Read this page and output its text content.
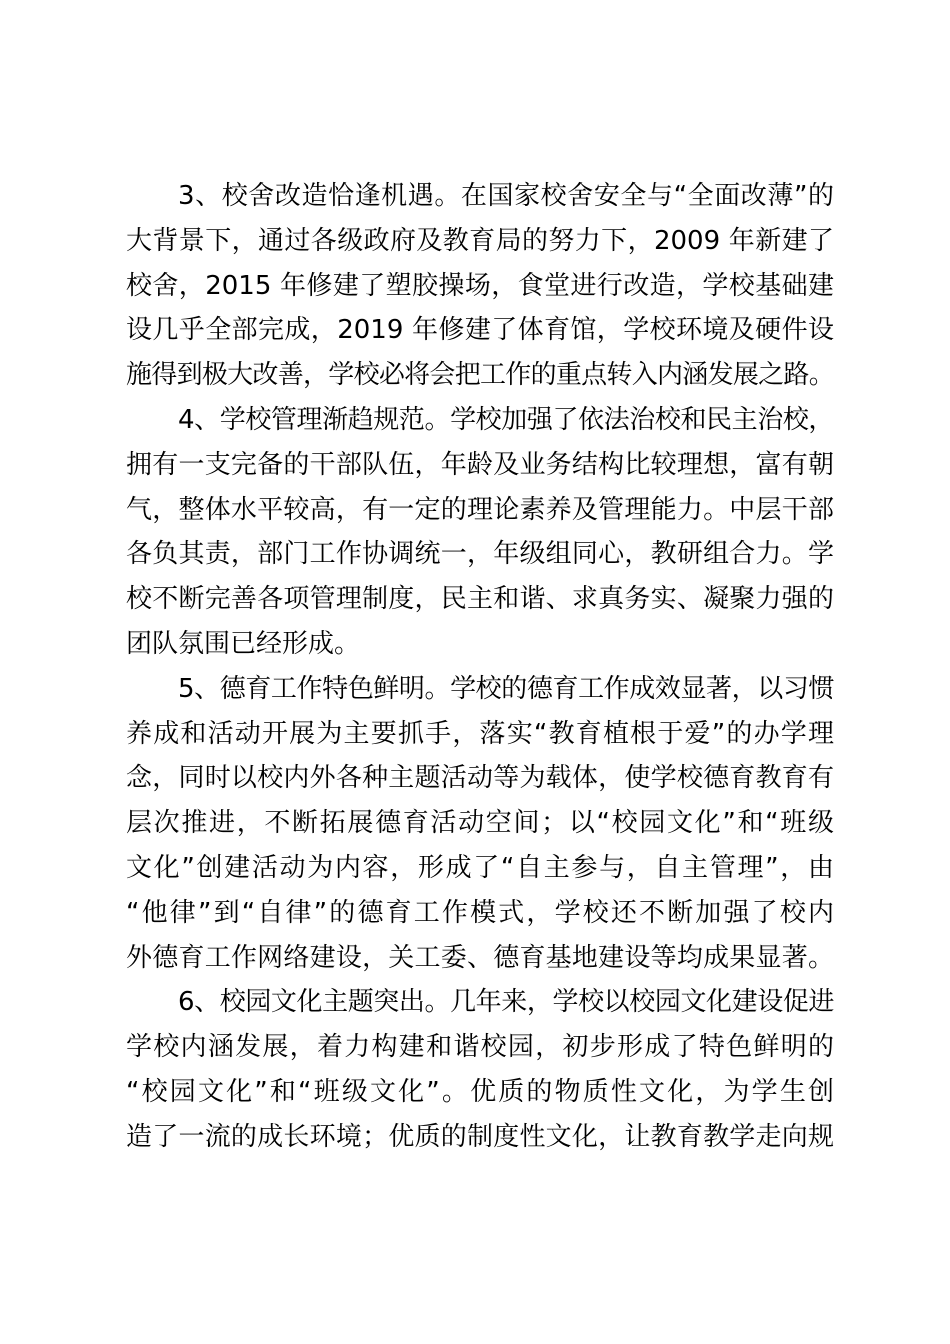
3、校舍改造恰逢机遇。在国家校舍安全与“全面改薄”的
大背景下，通过各级政府及教育局的努力下，2009 年新建了
校舍，2015 年修建了塑胶操场，食堂进行改造，学校基础建
设几乎全部完成，2019 年修建了体育馆，学校环境及硬件设
施得到极大改善，学校必将会把工作的重点转入内涵发展之路。
4、学校管理渐趋规范。学校加强了依法治校和民主治校，
拥有一支完备的干部队伍，年龄及业务结构比较理想，富有朝
气，整体水平较高，有一定的理论素养及管理能力。中层干部
各负其责，部门工作协调统一，年级组同心，教研组合力。学
校不断完善各项管理制度，民主和谐、求真务实、凝聚力强的
团队氛围已经形成。
5、德育工作特色鲜明。学校的德育工作成效显著，以习惯
养成和活动开展为主要抓手，落实“教育植根于爱”的办学理
念，同时以校内外各种主题活动等为载体，使学校德育教育有
层次推进，不断拓展德育活动空间；以“校园文化”和“班级
文化”创建活动为内容，形成了“自主参与，自主管理”，由
“他律”到“自律”的德育工作模式，学校还不断加强了校内
外德育工作网络建设，关工委、德育基地建设等均成果显著。
6、校园文化主题突出。几年来，学校以校园文化建设促进
学校内涵发展，着力构建和谐校园，初步形成了特色鲜明的
“校园文化”和“班级文化”。优质的物质性文化，为学生创
造了一流的成长环境；优质的制度性文化，让教育教学走向规
